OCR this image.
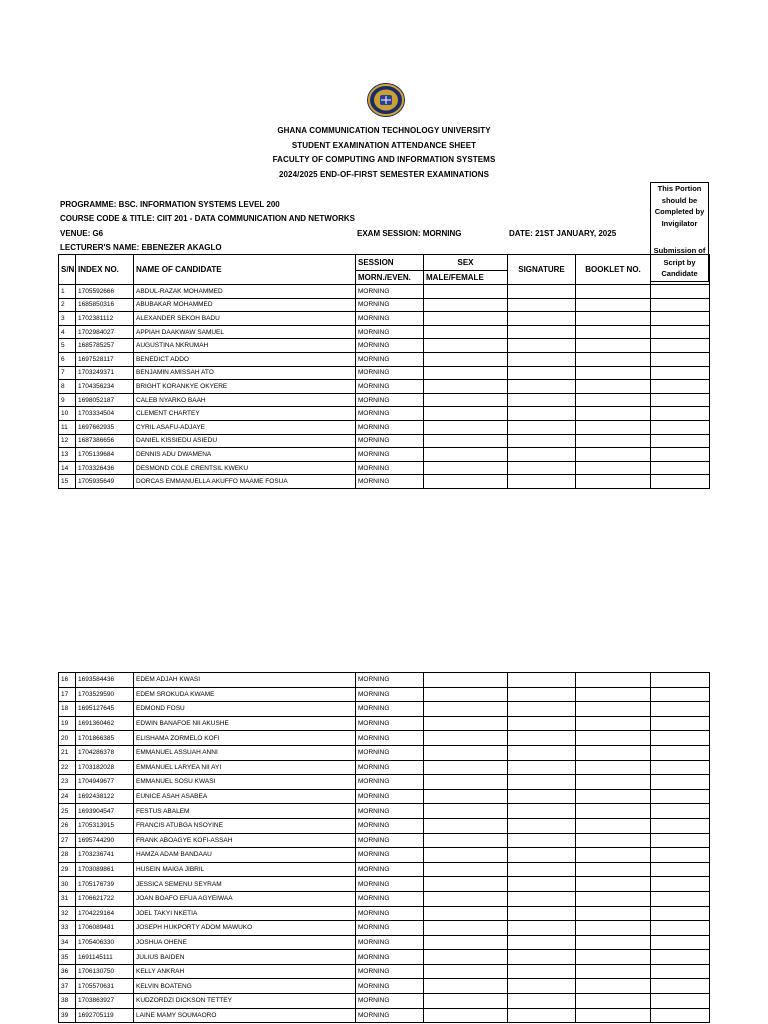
GHANA COMMUNICATION TECHNOLOGY UNIVERSITY
STUDENT EXAMINATION ATTENDANCE SHEET
FACULTY OF COMPUTING AND INFORMATION SYSTEMS
2024/2025 END-OF-FIRST SEMESTER EXAMINATIONS
PROGRAMME: BSC. INFORMATION SYSTEMS LEVEL 200
COURSE CODE & TITLE: CIIT 201 - DATA COMMUNICATION AND NETWORKS
VENUE: G6	EXAM SESSION: MORNING	DATE: 21ST JANUARY, 2025
LECTURER'S NAME: EBENEZER AKAGLO
This Portion should be Completed by Invigilator
Submission of Script by Candidate
S/N	INDEX NO.	NAME OF CANDIDATE	SESSION	SEX	SIGNATURE	BOOKLET NO.	
			MORN./EVEN.	MALE/FEMALE			
1	1705592666	ABDUL-RAZAK MOHAMMED	MORNING				
2	1685850316	ABUBAKAR MOHAMMED	MORNING				
3	1702381112	ALEXANDER SEKOH BADU	MORNING				
4	1702984027	APPIAH DAAKWAW SAMUEL	MORNING				
5	1685785257	AUGUSTINA NKRUMAH	MORNING				
6	1697528117	BENEDICT ADDO	MORNING				
7	1703249371	BENJAMIN AMISSAH ATO	MORNING				
8	1704356234	BRIGHT KORANKYE OKYERE	MORNING				
9	1698052187	CALEB NYARKO BAAH	MORNING				
10	1703334504	CLEMENT CHARTEY	MORNING				
11	1697662935	CYRIL ASAFU-ADJAYE	MORNING				
12	1687386656	DANIEL KISSIEDU ASIEDU	MORNING				
13	1705139684	DENNIS ADU DWAMENA	MORNING				
14	1703326436	DESMOND COLE CRENTSIL KWEKU	MORNING				
15	1705935649	DORCAS EMMANUELLA AKUFFO MAAME FOSUA	MORNING				
16	1693584436	EDEM ADJAH KWASI	MORNING				
17	1703529590	EDEM SROKUDA KWAME	MORNING				
18	1695127645	EDMOND FOSU	MORNING				
19	1691360462	EDWIN BANAFOE NII AKUSHE	MORNING				
20	1701866385	ELISHAMA ZORMELO KOFI	MORNING				
21	1704286378	EMMANUEL ASSUAH ANNI	MORNING				
22	1703182028	EMMANUEL LARYEA NII AYI	MORNING				
23	1704949677	EMMANUEL SOSU KWASI	MORNING				
24	1692438122	EUNICE ASAH ASABEA	MORNING				
25	1693904547	FESTUS ABALEM	MORNING				
26	1705313915	FRANCIS ATUBGA NSOYINE	MORNING				
27	1695744290	FRANK ABOAGYE KOFI-ASSAH	MORNING				
28	1703236741	HAMZA ADAM BANDAAU	MORNING				
29	1703089861	HUSEIN MAIGA JIBRIL	MORNING				
30	1705176739	JESSICA SEMENU SEYRAM	MORNING				
31	1706621722	JOAN BOAFO EFUA AGYEIWAA	MORNING				
32	1704229164	JOEL TAKYI NKETIA	MORNING				
33	1706089481	JOSEPH HUKPORTY ADOM MAWUKO	MORNING				
34	1705406330	JOSHUA OHENE	MORNING				
35	1691145111	JULIUS BAIDEN	MORNING				
36	1706130750	KELLY ANKRAH	MORNING				
37	1705570631	KELVIN BOATENG	MORNING				
38	1703863927	KUDZORDZI DICKSON TETTEY	MORNING				
39	1692705119	LAINE MAMY SOUMAORO	MORNING				
